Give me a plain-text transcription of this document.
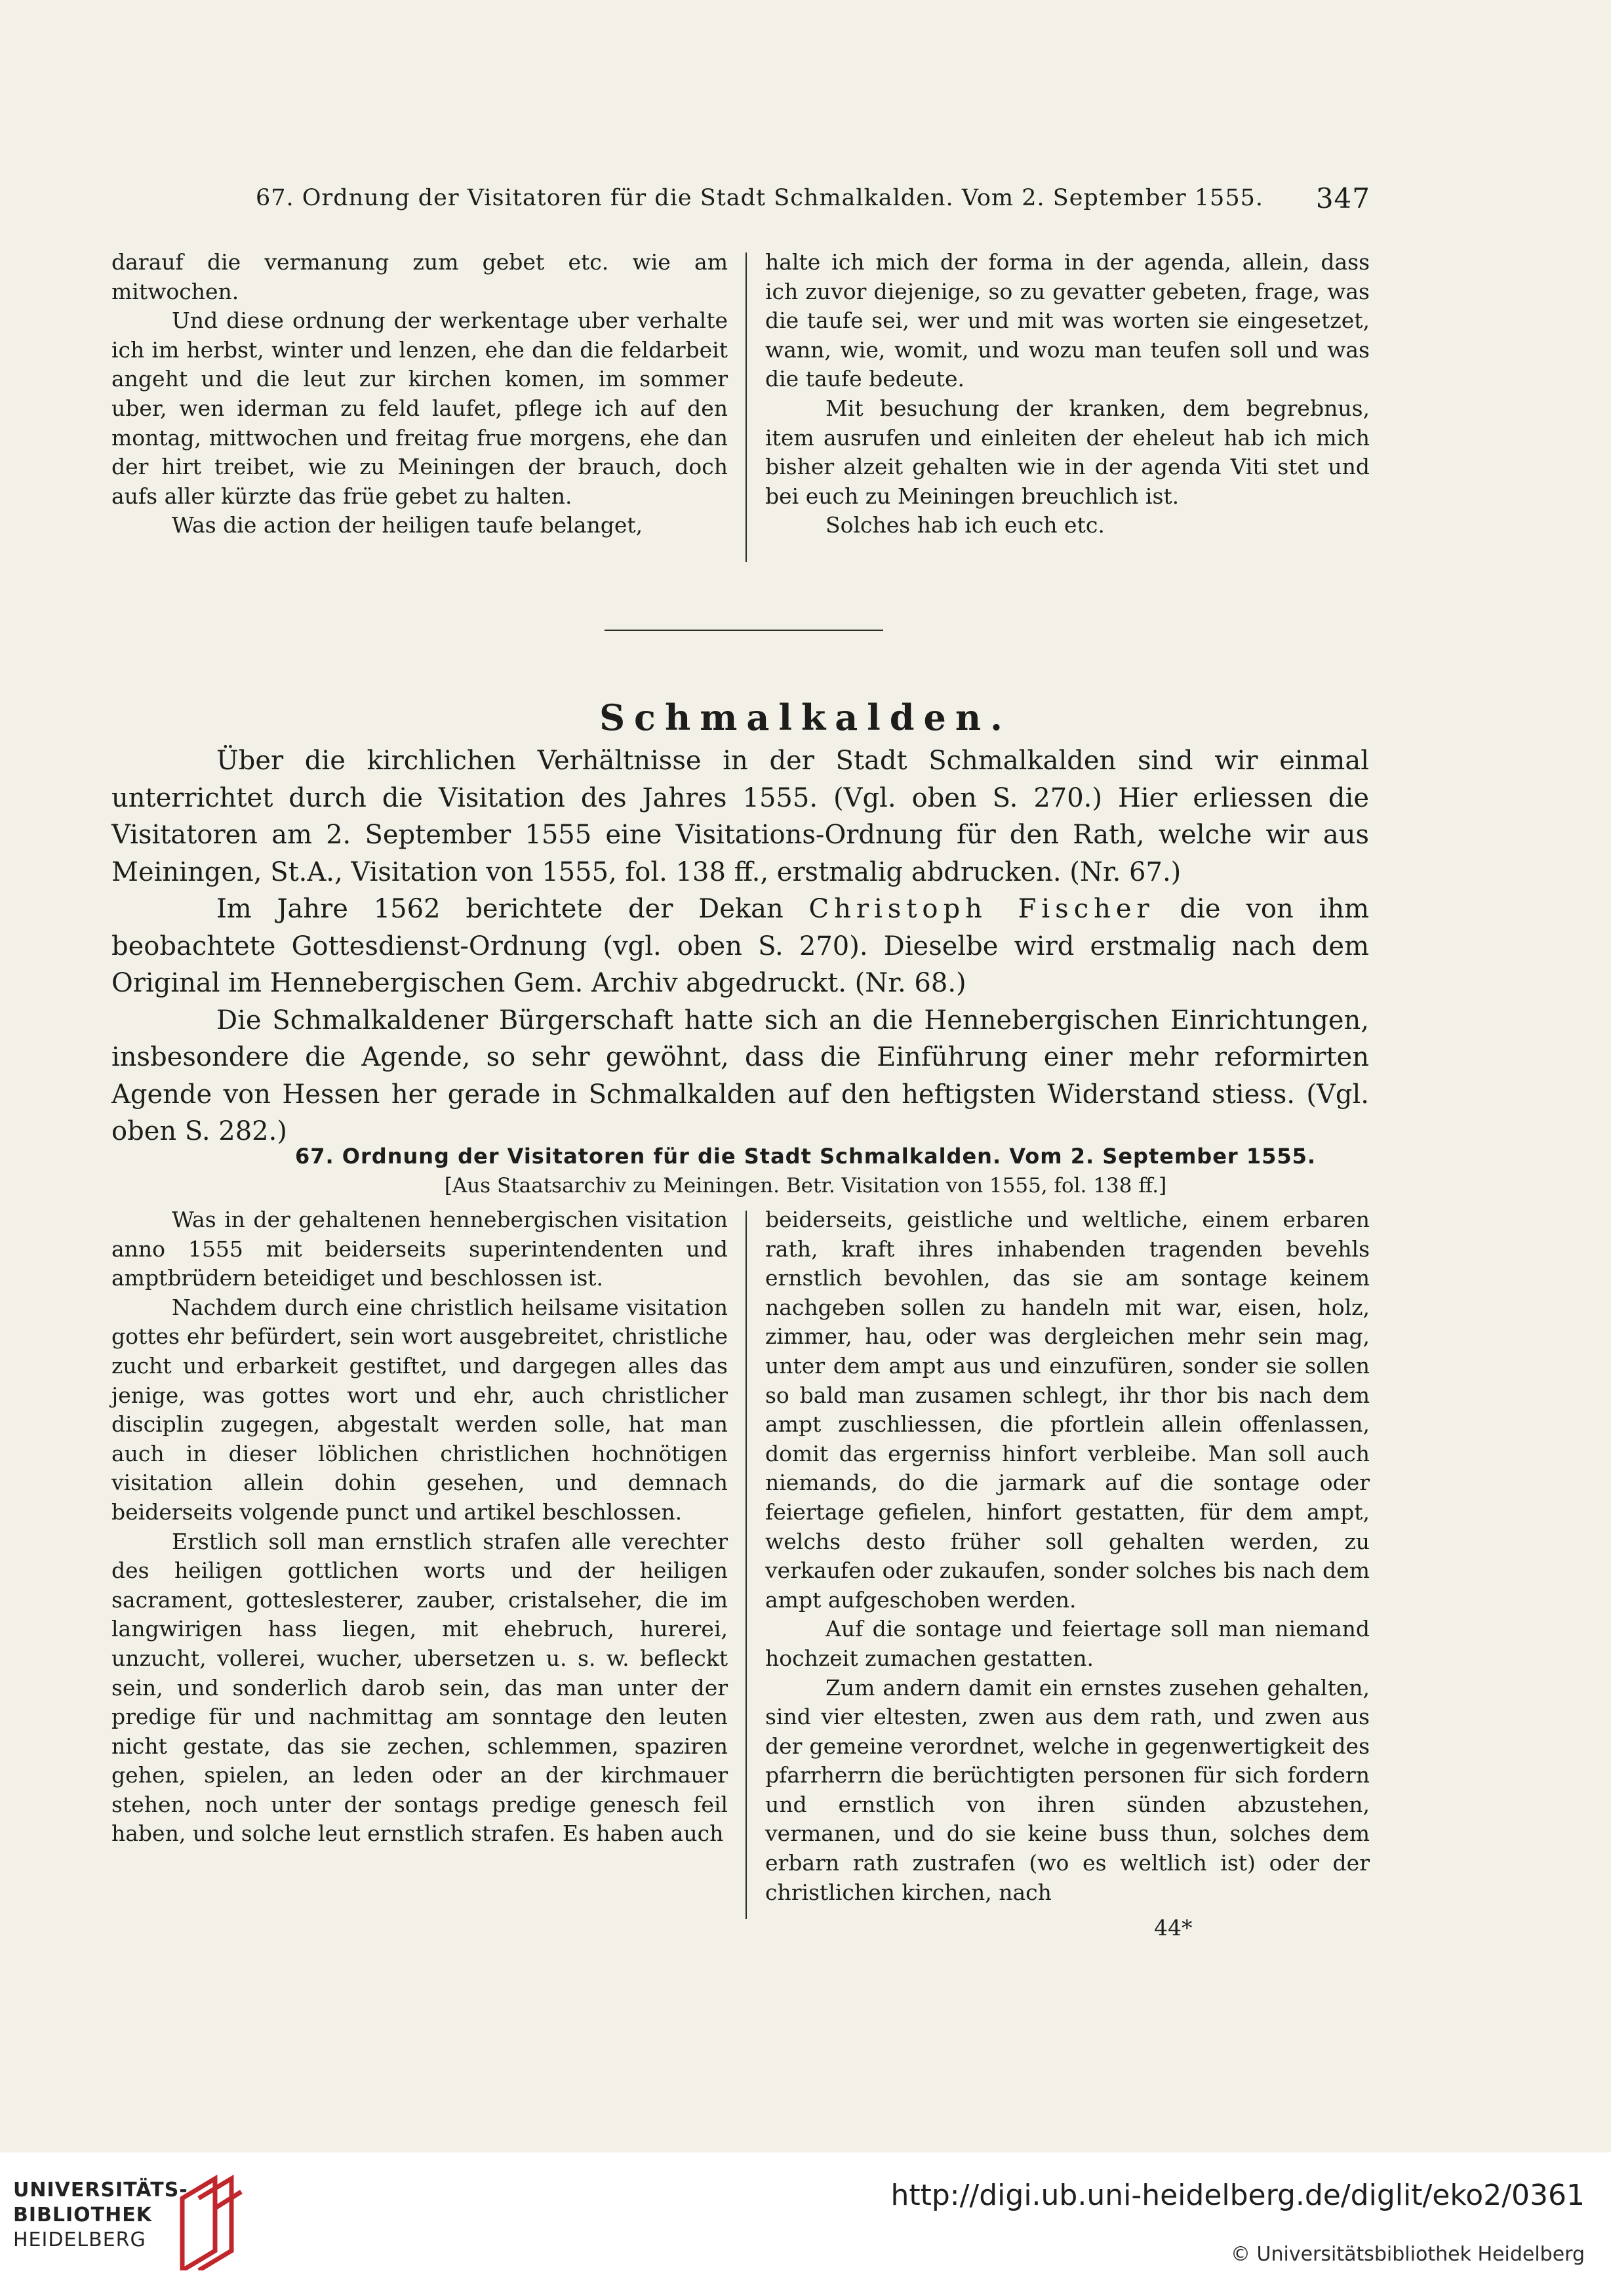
67. Ordnung der Visitatoren für die Stadt Schmalkalden. Vom 2. September 1555. 347

darauf die vermanung zum gebet etc. wie am mitwochen.

Und diese ordnung der werkentage uber verhalte ich im herbst, winter und lenzen, ehe dan die feldarbeit angeht und die leut zur kirchen komen, im sommer uber, wen iderman zu feld laufet, pflege ich auf den montag, mittwochen und freitag frue morgens, ehe dan der hirt treibet, wie zu Meiningen der brauch, doch aufs aller kürzte das früe gebet zu halten.

Was die action der heiligen taufe belanget,

halte ich mich der forma in der agenda, allein, dass ich zuvor diejenige, so zu gevatter gebeten, frage, was die taufe sei, wer und mit was worten sie eingesetzet, wann, wie, womit, und wozu man teufen soll und was die taufe bedeute.

Mit besuchung der kranken, dem begrebnus, item ausrufen und einleiten der eheleut hab ich mich bisher alzeit gehalten wie in der agenda Viti stet und bei euch zu Meiningen breuchlich ist.

Solches hab ich euch etc.

Schmalkalden.

Über die kirchlichen Verhältnisse in der Stadt Schmalkalden sind wir einmal unterrichtet durch die Visitation des Jahres 1555. (Vgl. oben S. 270.) Hier erliessen die Visitatoren am 2. September 1555 eine Visitations-Ordnung für den Rath, welche wir aus Meiningen, St.A., Visitation von 1555, fol. 138 ff., erstmalig abdrucken. (Nr. 67.)

Im Jahre 1562 berichtete der Dekan Christoph Fischer die von ihm beobachtete Gottesdienst-Ordnung (vgl. oben S. 270). Dieselbe wird erstmalig nach dem Original im Hennebergischen Gem. Archiv abgedruckt. (Nr. 68.)

Die Schmalkaldener Bürgerschaft hatte sich an die Hennebergischen Einrichtungen, insbesondere die Agende, so sehr gewöhnt, dass die Einführung einer mehr reformirten Agende von Hessen her gerade in Schmalkalden auf den heftigsten Widerstand stiess. (Vgl. oben S. 282.)

67. Ordnung der Visitatoren für die Stadt Schmalkalden. Vom 2. September 1555.
[Aus Staatsarchiv zu Meiningen. Betr. Visitation von 1555, fol. 138 ff.]

Was in der gehaltenen hennebergischen visitation anno 1555 mit beiderseits superintendenten und amptbrüdern beteidiget und beschlossen ist.

Nachdem durch eine christlich heilsame visitation gottes ehr befürdert, sein wort ausgebreitet, christliche zucht und erbarkeit gestiftet, und dargegen alles das jenige, was gottes wort und ehr, auch christlicher disciplin zugegen, abgestalt werden solle, hat man auch in dieser löblichen christlichen hochnötigen visitation allein dohin gesehen, und demnach beiderseits volgende punct und artikel beschlossen.

Erstlich soll man ernstlich strafen alle verechter des heiligen gottlichen worts und der heiligen sacrament, gotteslesterer, zauber, cristalseher, die im langwirigen hass liegen, mit ehebruch, hurerei, unzucht, vollerei, wucher, ubersetzen u. s. w. befleckt sein, und sonderlich darob sein, das man unter der predige für und nachmittag am sonntage den leuten nicht gestate, das sie zechen, schlemmen, spaziren gehen, spielen, an leden oder an der kirchmauer stehen, noch unter der sontags predige genesch feil haben, und solche leut ernstlich strafen. Es haben auch

beiderseits, geistliche und weltliche, einem erbaren rath, kraft ihres inhabenden tragenden bevehls ernstlich bevohlen, das sie am sontage keinem nachgeben sollen zu handeln mit war, eisen, holz, zimmer, hau, oder was dergleichen mehr sein mag, unter dem ampt aus und einzufüren, sonder sie sollen so bald man zusamen schlegt, ihr thor bis nach dem ampt zuschliessen, die pfortlein allein offenlassen, domit das ergerniss hinfort verbleibe. Man soll auch niemands, do die jarmark auf die sontage oder feiertage gefielen, hinfort gestatten, für dem ampt, welchs desto früher soll gehalten werden, zu verkaufen oder zukaufen, sonder solches bis nach dem ampt aufgeschoben werden.

Auf die sontage und feiertage soll man niemand hochzeit zumachen gestatten.

Zum andern damit ein ernstes zusehen gehalten, sind vier eltesten, zwen aus dem rath, und zwen aus der gemeine verordnet, welche in gegenwertigkeit des pfarrherrn die berüchtigten personen für sich fordern und ernstlich von ihren sünden abzustehen, vermanen, und do sie keine buss thun, solches dem erbarn rath zustrafen (wo es weltlich ist) oder der christlichen kirchen, nach

44*
UNIVERSITÄTS-
BIBLIOTHEK
HEIDELBERG
http://digi.ub.uni-heidelberg.de/diglit/eko2/0361
© Universitätsbibliothek Heidelberg
